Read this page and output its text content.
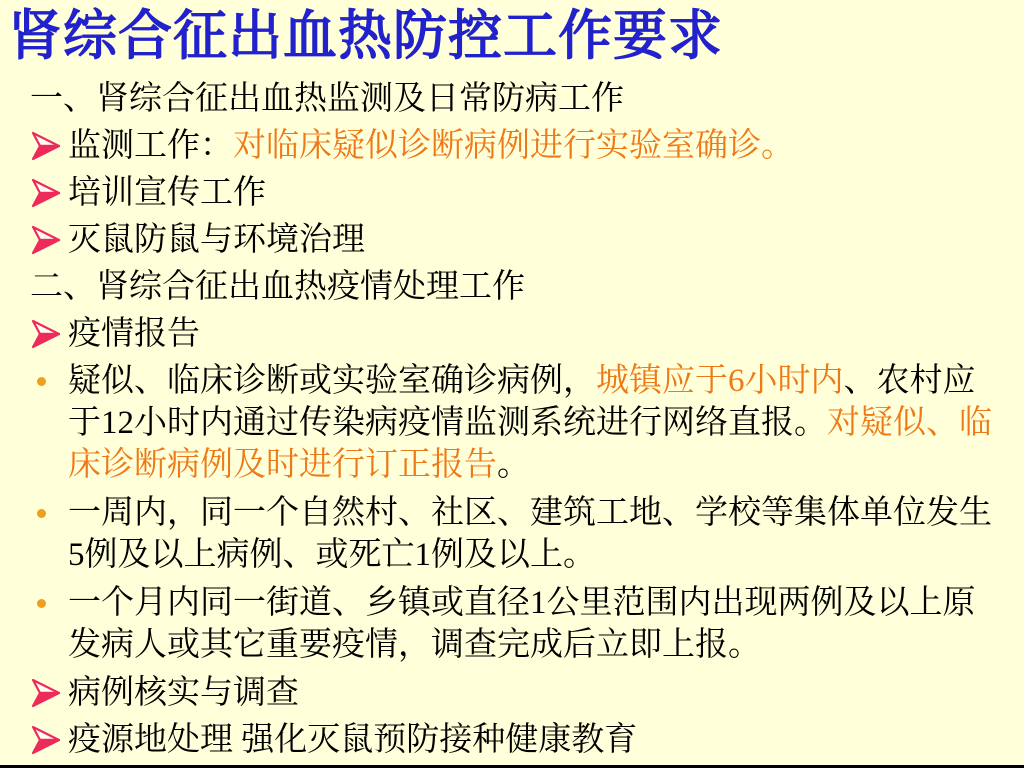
肾综合征出血热防控工作要求
一、肾综合征出血热监测及日常防病工作
监测工作：对临床疑似诊断病例进行实验室确诊。
培训宣传工作
灭鼠防鼠与环境治理
二、肾综合征出血热疫情处理工作
疫情报告
疑似、临床诊断或实验室确诊病例，城镇应于6小时内、农村应于12小时内通过传染病疫情监测系统进行网络直报。对疑似、临床诊断病例及时进行订正报告。
一周内，同一个自然村、社区、建筑工地、学校等集体单位发生5例及以上病例、或死亡1例及以上。
一个月内同一街道、乡镇或直径1公里范围内出现两例及以上原发病人或其它重要疫情，调查完成后立即上报。
病例核实与调查
疫源地处理 强化灭鼠预防接种健康教育
